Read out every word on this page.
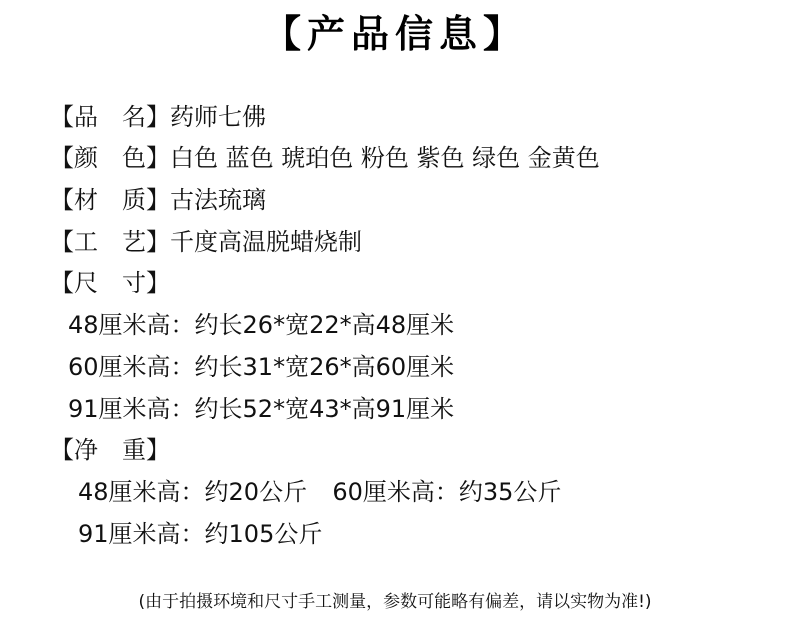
【产品信息】
【品　名】药师七佛
【颜　色】白色 蓝色 琥珀色 粉色 紫色 绿色 金黄色
【材　质】古法琉璃
【工　艺】千度高温脱蜡烧制
【尺　寸】
48厘米高：约长26*宽22*高48厘米
60厘米高：约长31*宽26*高60厘米
91厘米高：约长52*宽43*高91厘米
【净　重】
48厘米高：约20公斤 60厘米高：约35公斤
91厘米高：约105公斤
(由于拍摄环境和尺寸手工测量，参数可能略有偏差，请以实物为准!)
